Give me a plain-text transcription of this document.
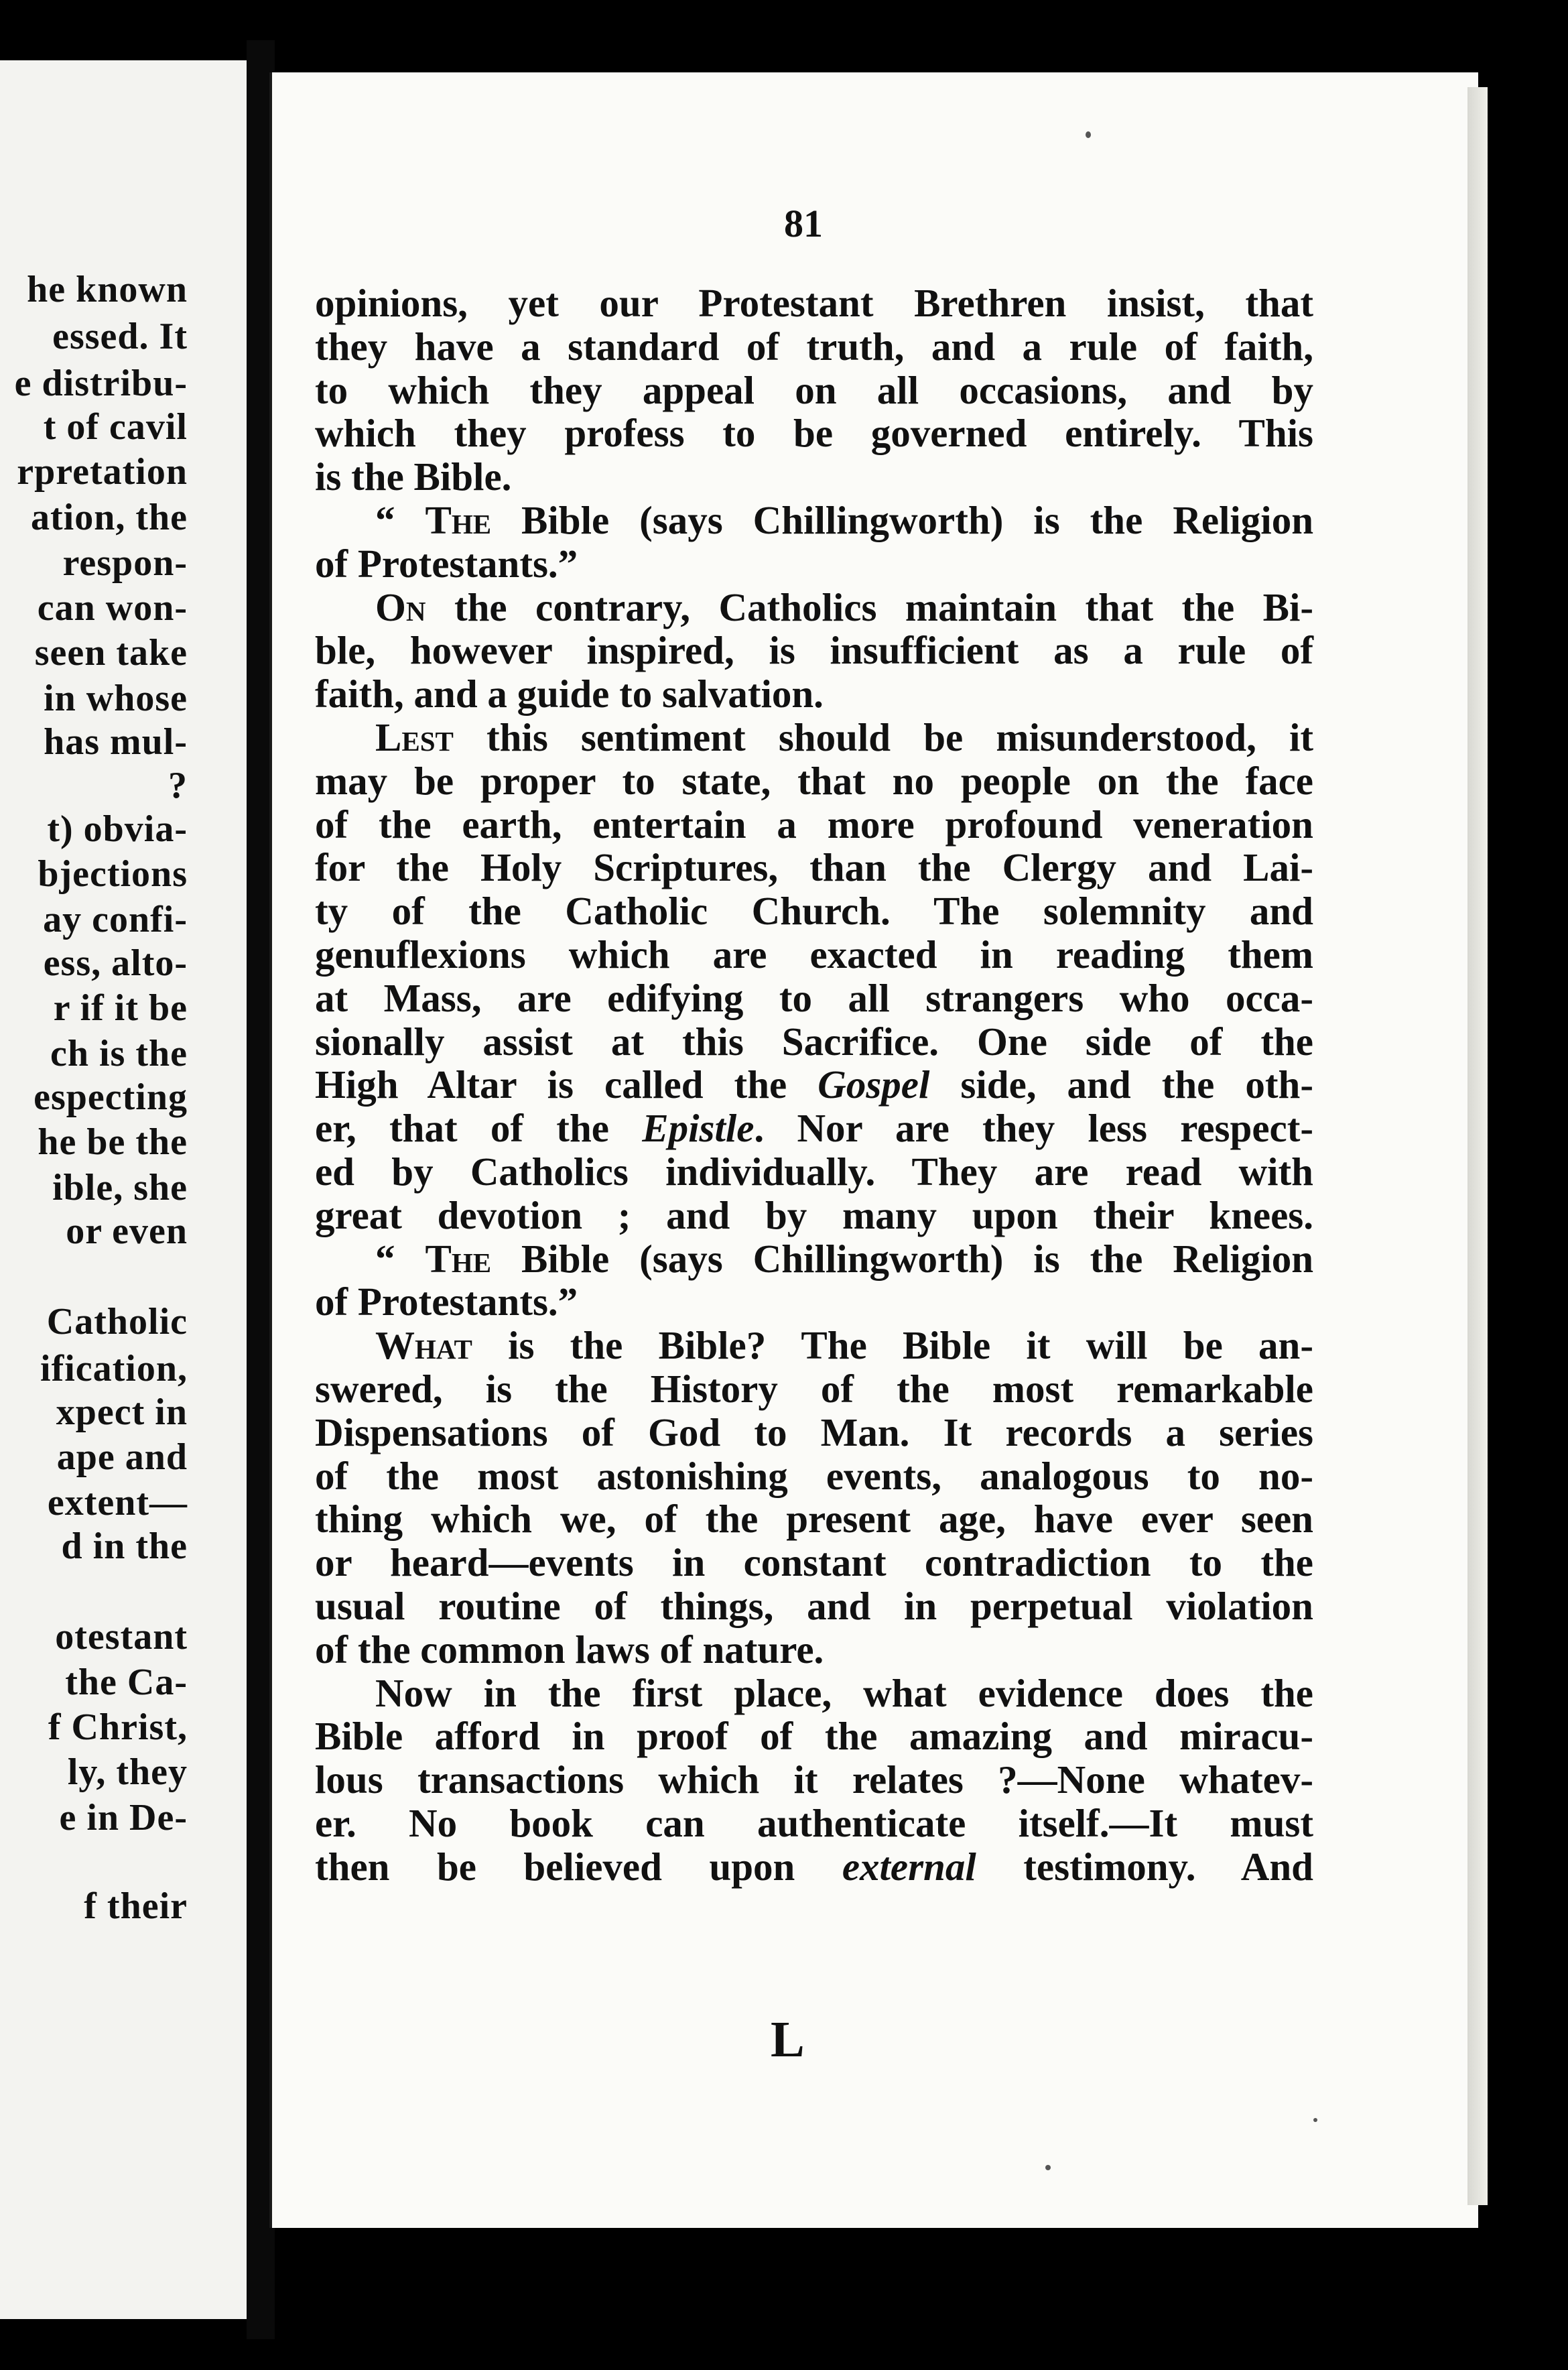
he known
essed. It
e distribu-
t of cavil
rpretation
ation, the
respon-
can won-
seen take
in whose
has mul-
?
t) obvia-
bjections
ay confi-
ess, alto-
r if it be
ch is the
especting
he be the
ible, she
or even
Catholic
ification,
xpect in
ape and
extent—
d in the
otestant
the Ca-
f Christ,
ly, they
e in De-
f their
81
opinions, yet our Protestant Brethren insist, that
they have a standard of truth, and a rule of faith,
to which they appeal on all occasions, and by
which they profess to be governed entirely. This
is the Bible.
“ The Bible (says Chillingworth) is the Religion
of Protestants.”
On the contrary, Catholics maintain that the Bi-
ble, however inspired, is insufficient as a rule of
faith, and a guide to salvation.
Lest this sentiment should be misunderstood, it
may be proper to state, that no people on the face
of the earth, entertain a more profound veneration
for the Holy Scriptures, than the Clergy and Lai-
ty of the Catholic Church. The solemnity and
genuflexions which are exacted in reading them
at Mass, are edifying to all strangers who occa-
sionally assist at this Sacrifice. One side of the
High Altar is called the Gospel side, and the oth-
er, that of the Epistle. Nor are they less respect-
ed by Catholics individually. They are read with
great devotion ; and by many upon their knees.
“ The Bible (says Chillingworth) is the Religion
of Protestants.”
What is the Bible? The Bible it will be an-
swered, is the History of the most remarkable
Dispensations of God to Man. It records a series
of the most astonishing events, analogous to no-
thing which we, of the present age, have ever seen
or heard—events in constant contradiction to the
usual routine of things, and in perpetual violation
of the common laws of nature.
Now in the first place, what evidence does the
Bible afford in proof of the amazing and miracu-
lous transactions which it relates ?—None whatev-
er. No book can authenticate itself.—It must
then be believed upon external testimony. And
L
